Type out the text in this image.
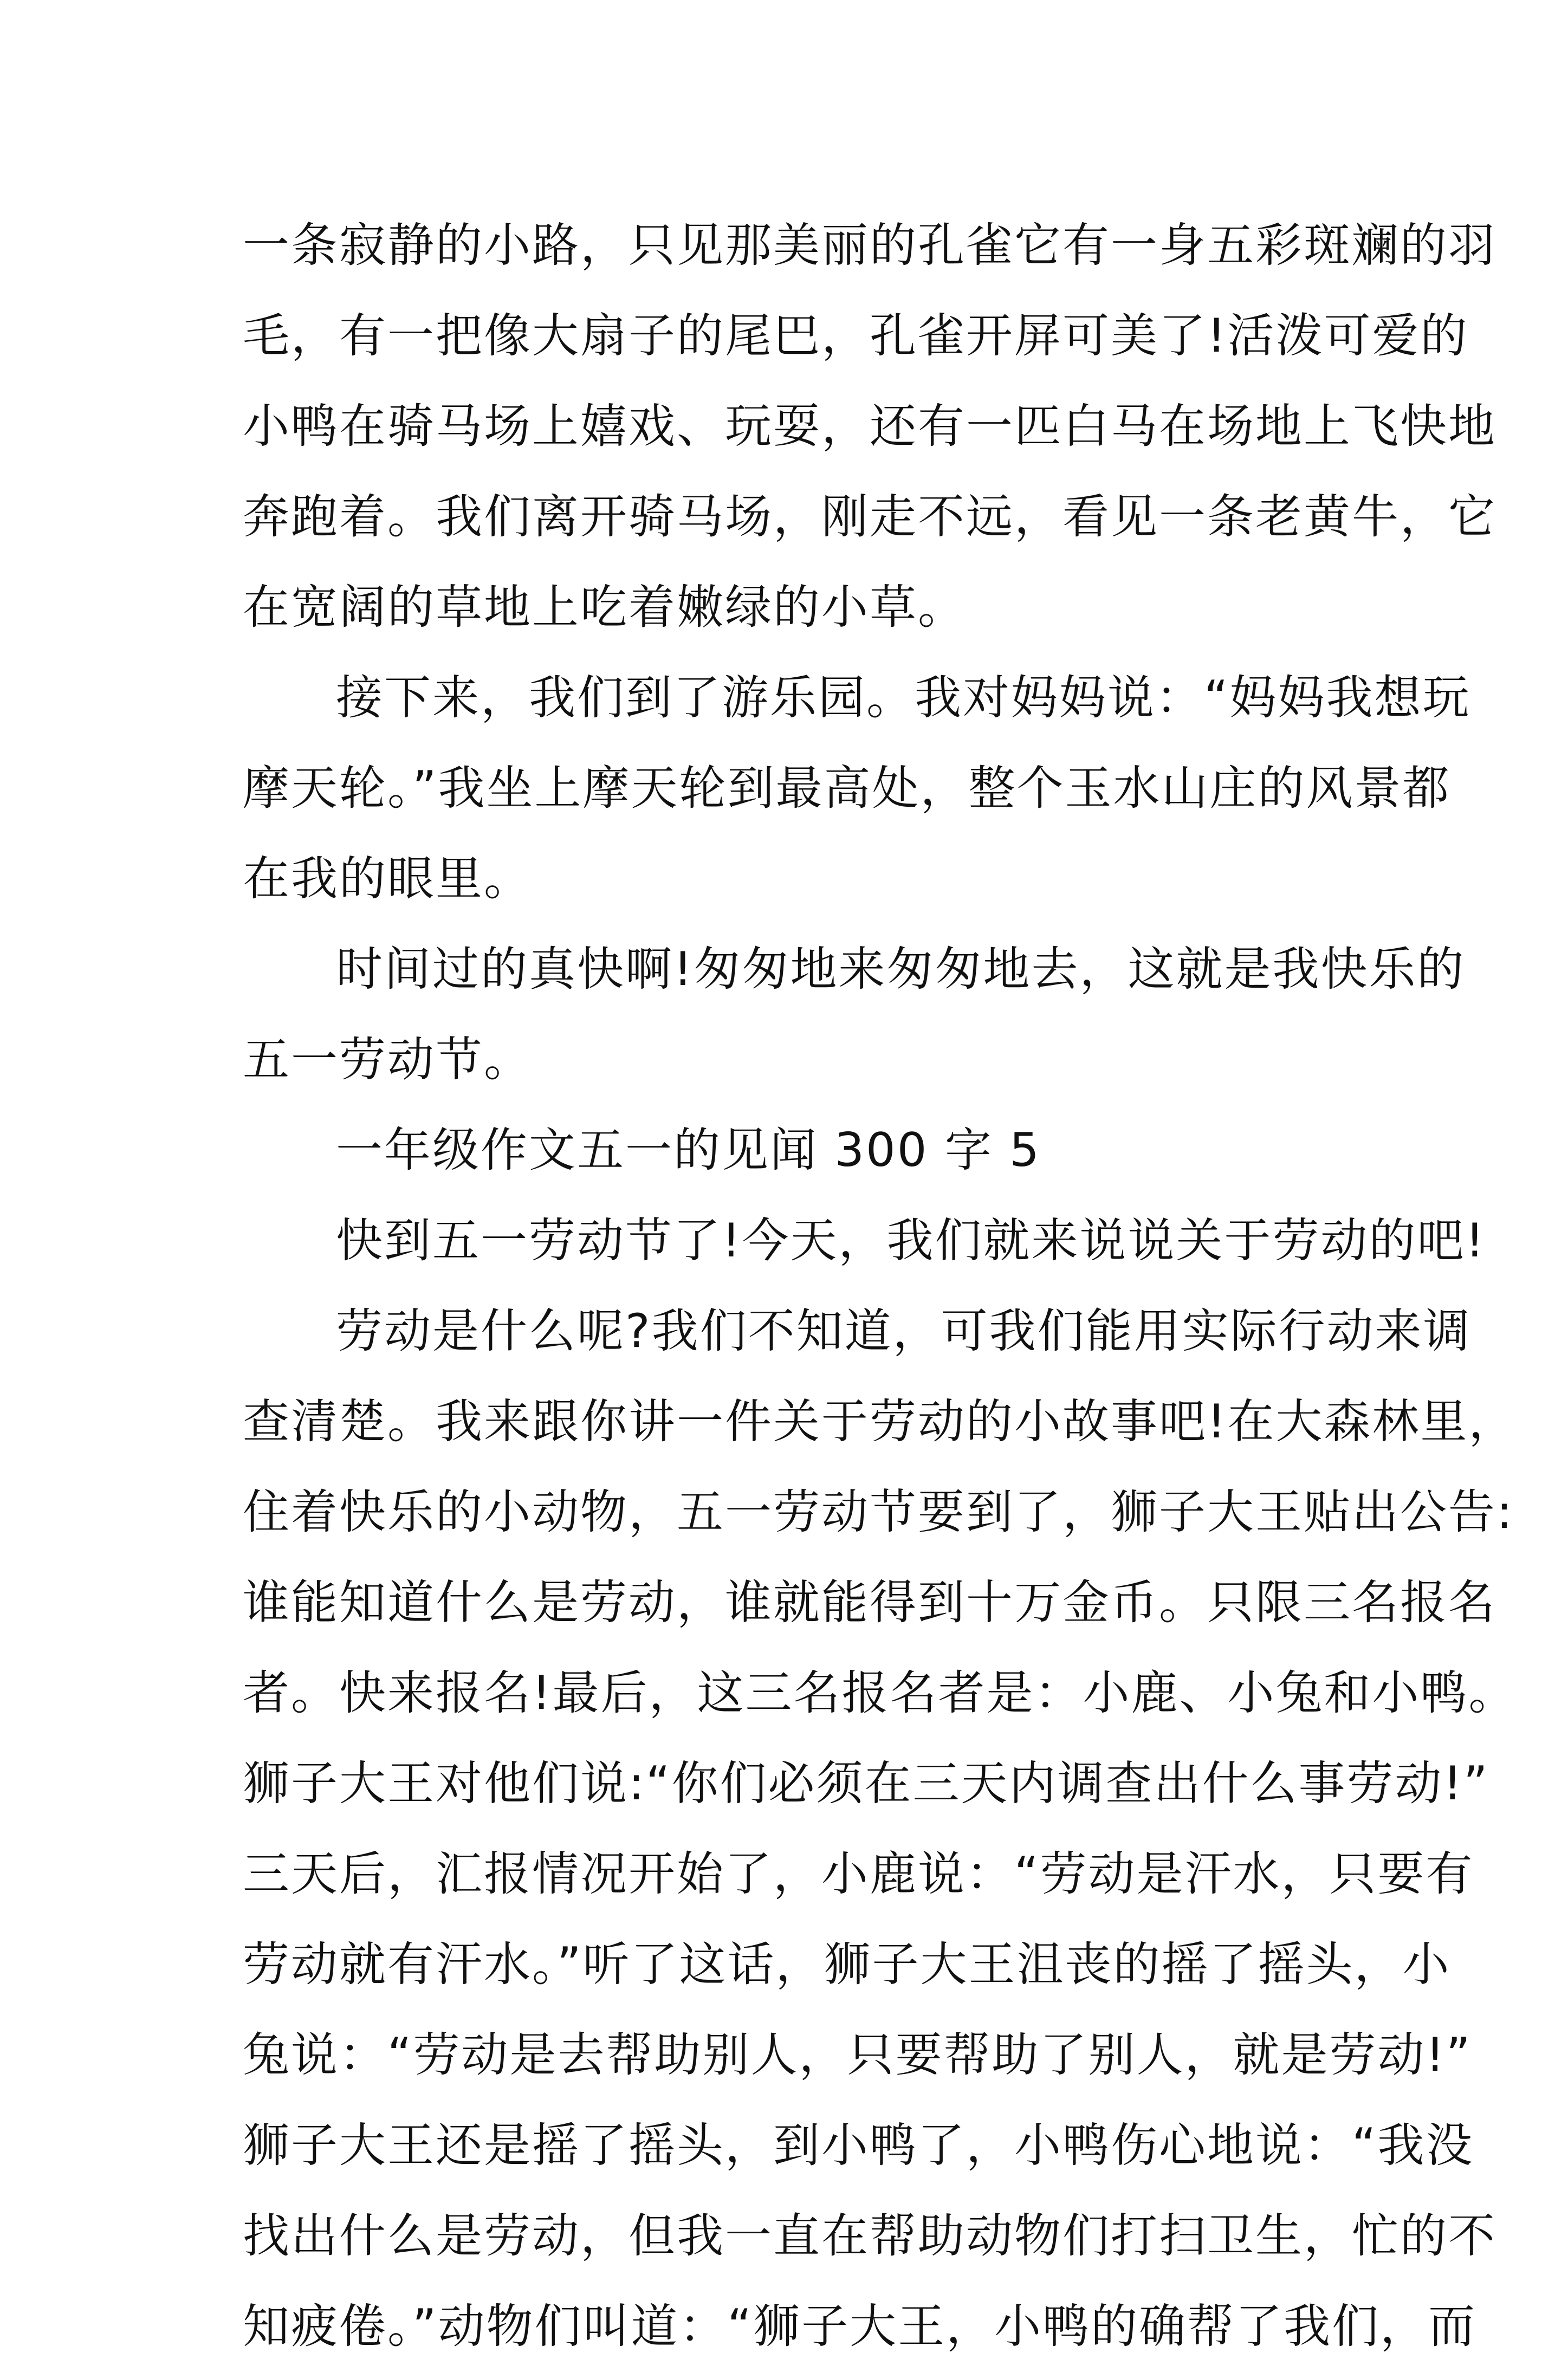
一条寂静的小路，只见那美丽的孔雀它有一身五彩斑斓的羽
毛，有一把像大扇子的尾巴，孔雀开屏可美了!活泼可爱的
小鸭在骑马场上嬉戏、玩耍，还有一匹白马在场地上飞快地
奔跑着。我们离开骑马场，刚走不远，看见一条老黄牛，它
在宽阔的草地上吃着嫩绿的小草。
接下来，我们到了游乐园。我对妈妈说：“妈妈我想玩
摩天轮。”我坐上摩天轮到最高处，整个玉水山庄的风景都
在我的眼里。
时间过的真快啊!匆匆地来匆匆地去，这就是我快乐的
五一劳动节。
一年级作文五一的见闻 300 字 5
快到五一劳动节了!今天，我们就来说说关于劳动的吧!
劳动是什么呢?我们不知道，可我们能用实际行动来调
查清楚。我来跟你讲一件关于劳动的小故事吧!在大森林里，
住着快乐的小动物，五一劳动节要到了，狮子大王贴出公告:
谁能知道什么是劳动，谁就能得到十万金币。只限三名报名
者。快来报名!最后，这三名报名者是：小鹿、小兔和小鸭。
狮子大王对他们说:“你们必须在三天内调查出什么事劳动!”
三天后，汇报情况开始了，小鹿说：“劳动是汗水，只要有
劳动就有汗水。”听了这话，狮子大王沮丧的摇了摇头，小
兔说：“劳动是去帮助别人，只要帮助了别人，就是劳动!”
狮子大王还是摇了摇头，到小鸭了，小鸭伤心地说：“我没
找出什么是劳动，但我一直在帮助动物们打扫卫生，忙的不
知疲倦。”动物们叫道：“狮子大王，小鸭的确帮了我们，而
